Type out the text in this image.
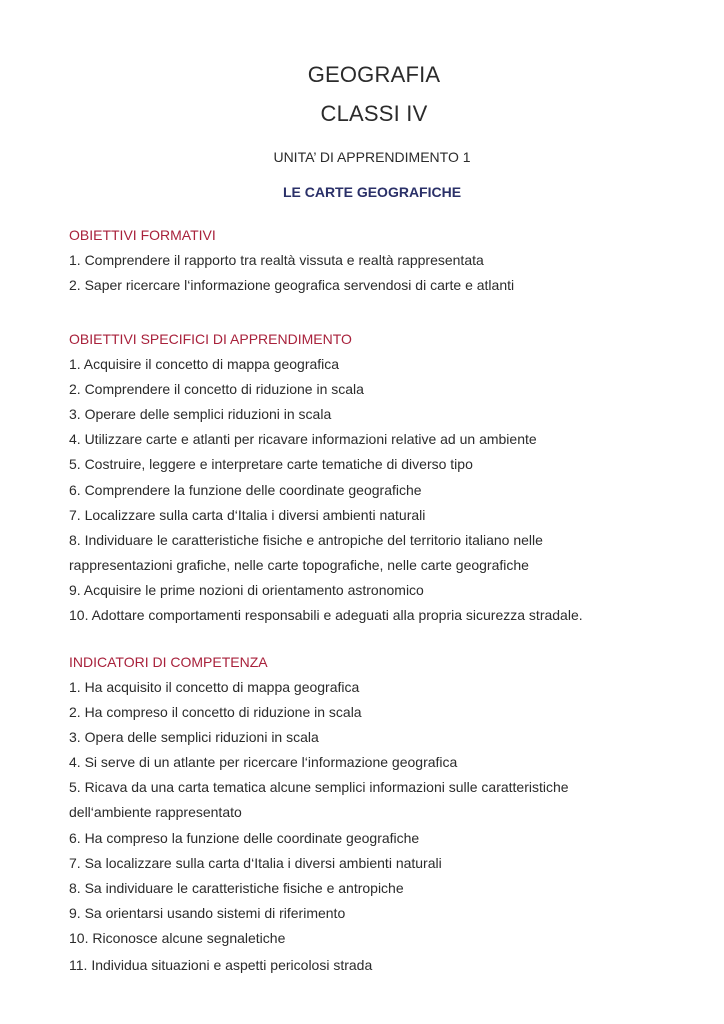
GEOGRAFIA
CLASSI IV
UNITA’ DI APPRENDIMENTO 1
LE CARTE GEOGRAFICHE
OBIETTIVI FORMATIVI
1. Comprendere il rapporto tra realtà vissuta e realtà rappresentata
2. Saper ricercare l‘informazione geografica servendosi di carte e atlanti
OBIETTIVI SPECIFICI DI APPRENDIMENTO
1. Acquisire il concetto di mappa geografica
2. Comprendere il concetto di riduzione in scala
3. Operare delle semplici riduzioni in scala
4. Utilizzare carte e atlanti per ricavare informazioni relative ad un ambiente
5. Costruire, leggere e interpretare carte tematiche di diverso tipo
6. Comprendere la funzione delle coordinate geografiche
7. Localizzare sulla carta d‘Italia i diversi ambienti naturali
8. Individuare le caratteristiche fisiche e antropiche del territorio italiano nelle
rappresentazioni grafiche, nelle carte topografiche, nelle carte geografiche
9. Acquisire le prime nozioni di orientamento astronomico
10. Adottare comportamenti responsabili e adeguati alla propria sicurezza stradale.
INDICATORI DI COMPETENZA
1. Ha acquisito il concetto di mappa geografica
2. Ha compreso il concetto di riduzione in scala
3. Opera delle semplici riduzioni in scala
4. Si serve di un atlante per ricercare l‘informazione geografica
5. Ricava da una carta tematica alcune semplici informazioni sulle caratteristiche
dell‘ambiente rappresentato
6. Ha compreso la funzione delle coordinate geografiche
7. Sa localizzare sulla carta d‘Italia i diversi ambienti naturali
8. Sa individuare le caratteristiche fisiche e antropiche
9. Sa orientarsi usando sistemi di riferimento
10. Riconosce alcune segnaletiche
11. Individua situazioni e aspetti pericolosi strada
